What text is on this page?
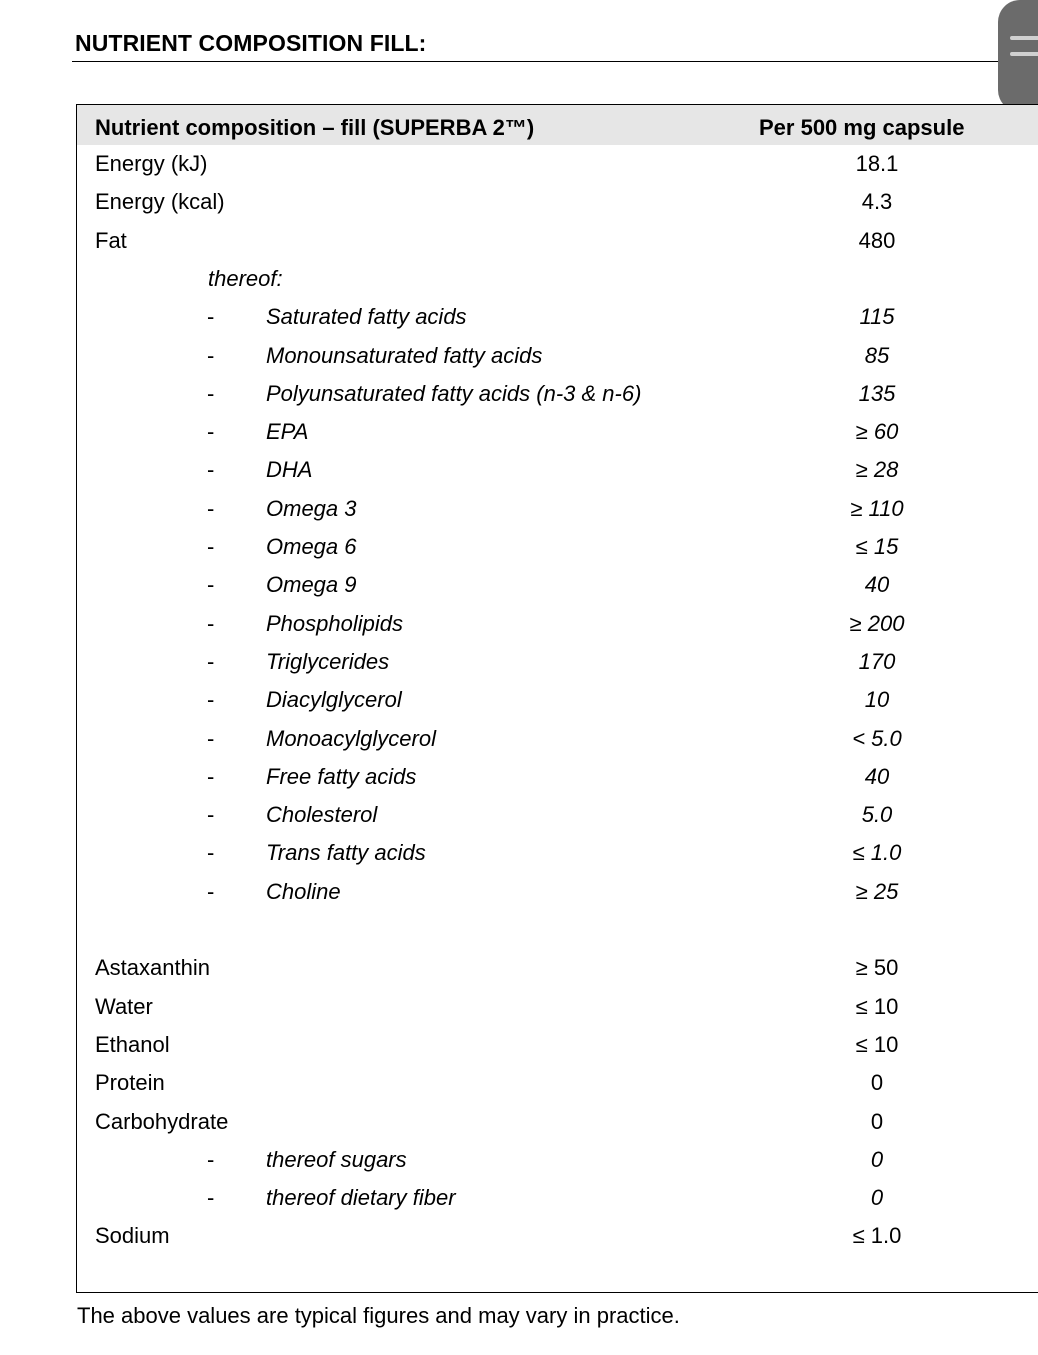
NUTRIENT COMPOSITION FILL:
Nutrient composition – fill (SUPERBA 2™)	Per 500 mg capsule
Energy (kJ)	18.1
Energy (kcal)	4.3
Fat	480
thereof:
- Saturated fatty acids	115
- Monounsaturated fatty acids	85
- Polyunsaturated fatty acids (n-3 & n-6)	135
- EPA	≥ 60
- DHA	≥ 28
- Omega 3	≥ 110
- Omega 6	≤ 15
- Omega 9	40
- Phospholipids	≥ 200
- Triglycerides	170
- Diacylglycerol	10
- Monoacylglycerol	< 5.0
- Free fatty acids	40
- Cholesterol	5.0
- Trans fatty acids	≤ 1.0
- Choline	≥ 25
Astaxanthin	≥ 50
Water	≤ 10
Ethanol	≤ 10
Protein	0
Carbohydrate	0
- thereof sugars	0
- thereof dietary fiber	0
Sodium	≤ 1.0
The above values are typical figures and may vary in practice.
